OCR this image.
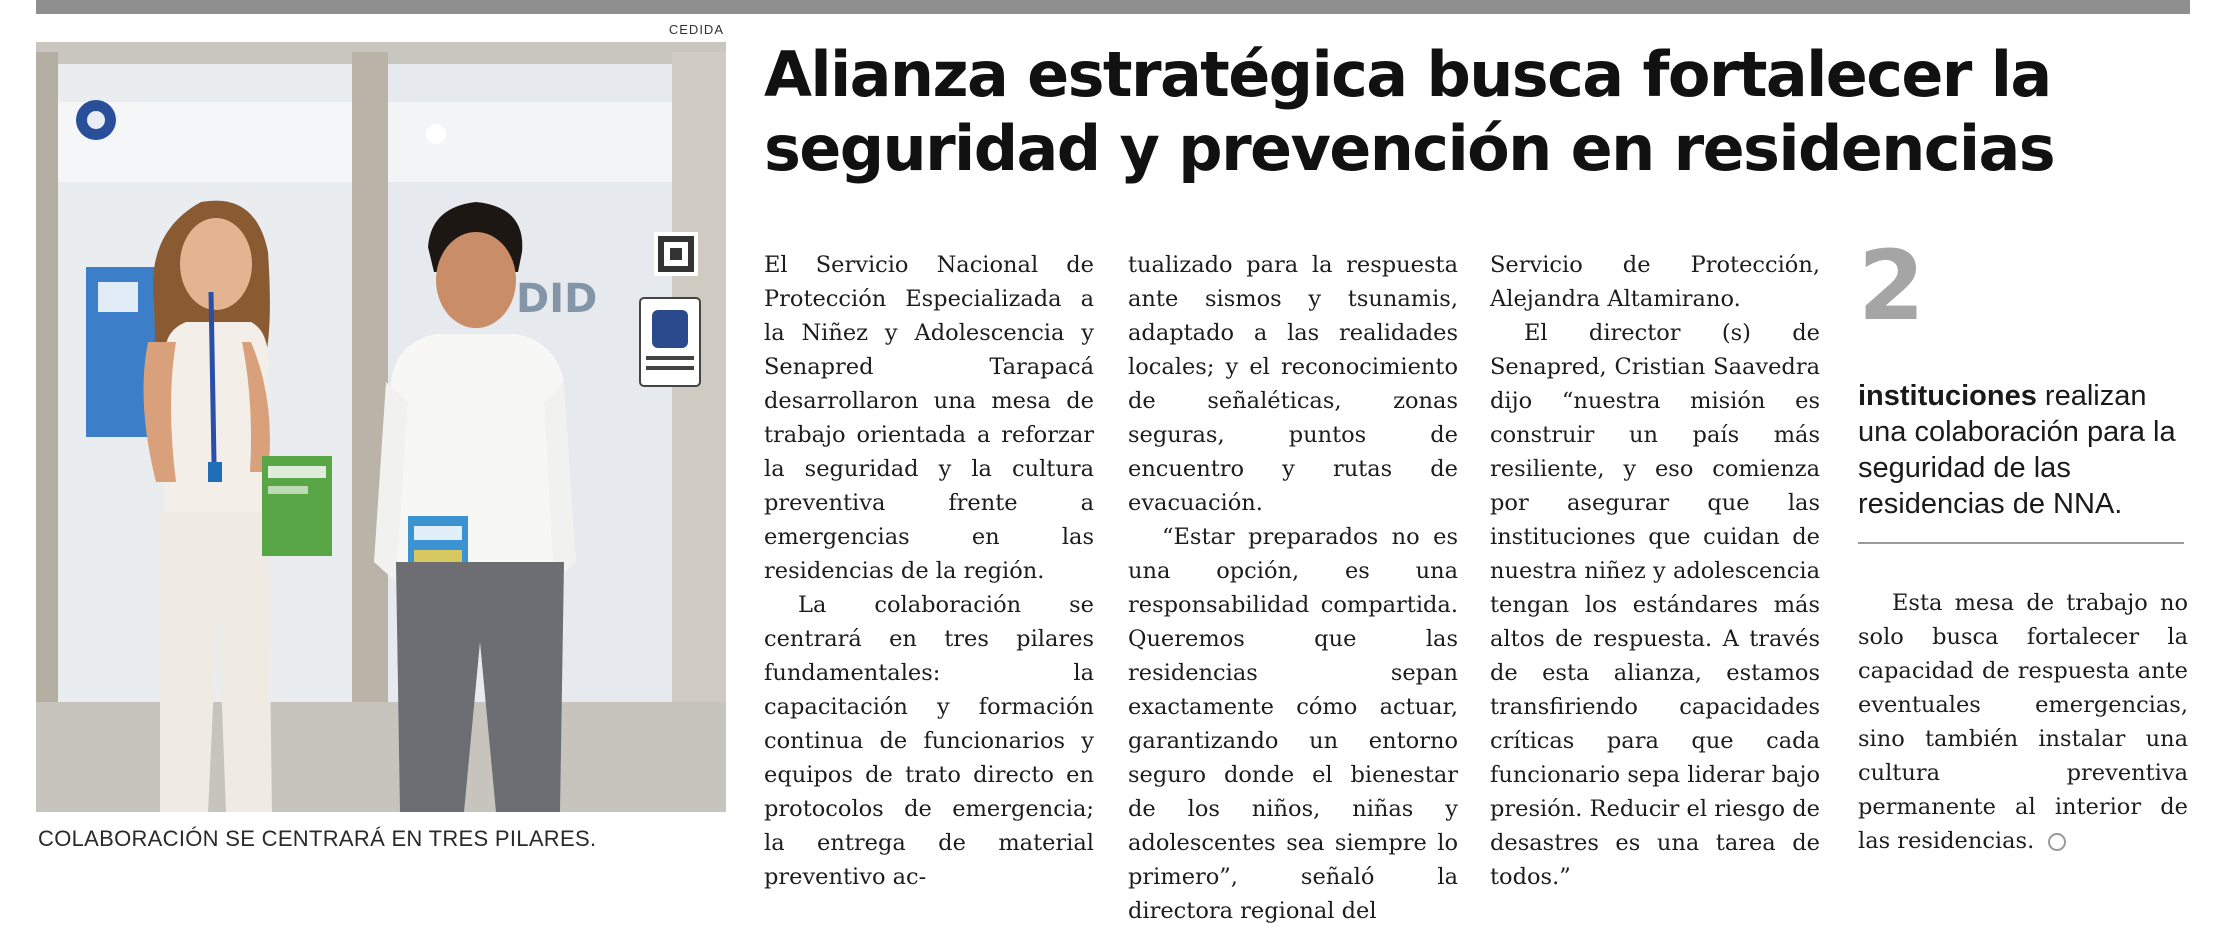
CEDIDA
DID
COLABORACIÓN SE CENTRARÁ EN TRES PILARES.
Alianza estratégica busca fortalecer la seguridad y prevención en residencias

El Servicio Nacional de Protección Especializada a la Niñez y Adolescencia y Senapred Tarapacá desarrollaron una mesa de trabajo orientada a reforzar la seguridad y la cultura preventiva frente a emergencias en las residencias de la región.

La colaboración se centrará en tres pilares fundamentales: la capacitación y formación continua de funcionarios y equipos de trato directo en protocolos de emergencia; la entrega de material preventivo ac-

tualizado para la respuesta ante sismos y tsunamis, adaptado a las realidades locales; y el reconocimiento de señaléticas, zonas seguras, puntos de encuentro y rutas de evacuación.

“Estar preparados no es una opción, es una responsabilidad compartida. Queremos que las residencias sepan exactamente cómo actuar, garantizando un entorno seguro donde el bienestar de los niños, niñas y adolescentes sea siempre lo primero”, señaló la directora regional del

Servicio de Protección, Alejandra Altamirano.

El director (s) de Senapred, Cristian Saavedra dijo “nuestra misión es construir un país más resiliente, y eso comienza por asegurar que las instituciones que cuidan de nuestra niñez y adolescencia tengan los estándares más altos de respuesta. A través de esta alianza, estamos transfiriendo capacidades críticas para que cada funcionario sepa liderar bajo presión. Reducir el riesgo de desastres es una tarea de todos.”

2
instituciones realizan una colaboración para la seguridad de las residencias de NNA.

Esta mesa de trabajo no solo busca fortalecer la capacidad de respuesta ante eventuales emergencias, sino también instalar una cultura preventiva permanente al interior de las residencias.
